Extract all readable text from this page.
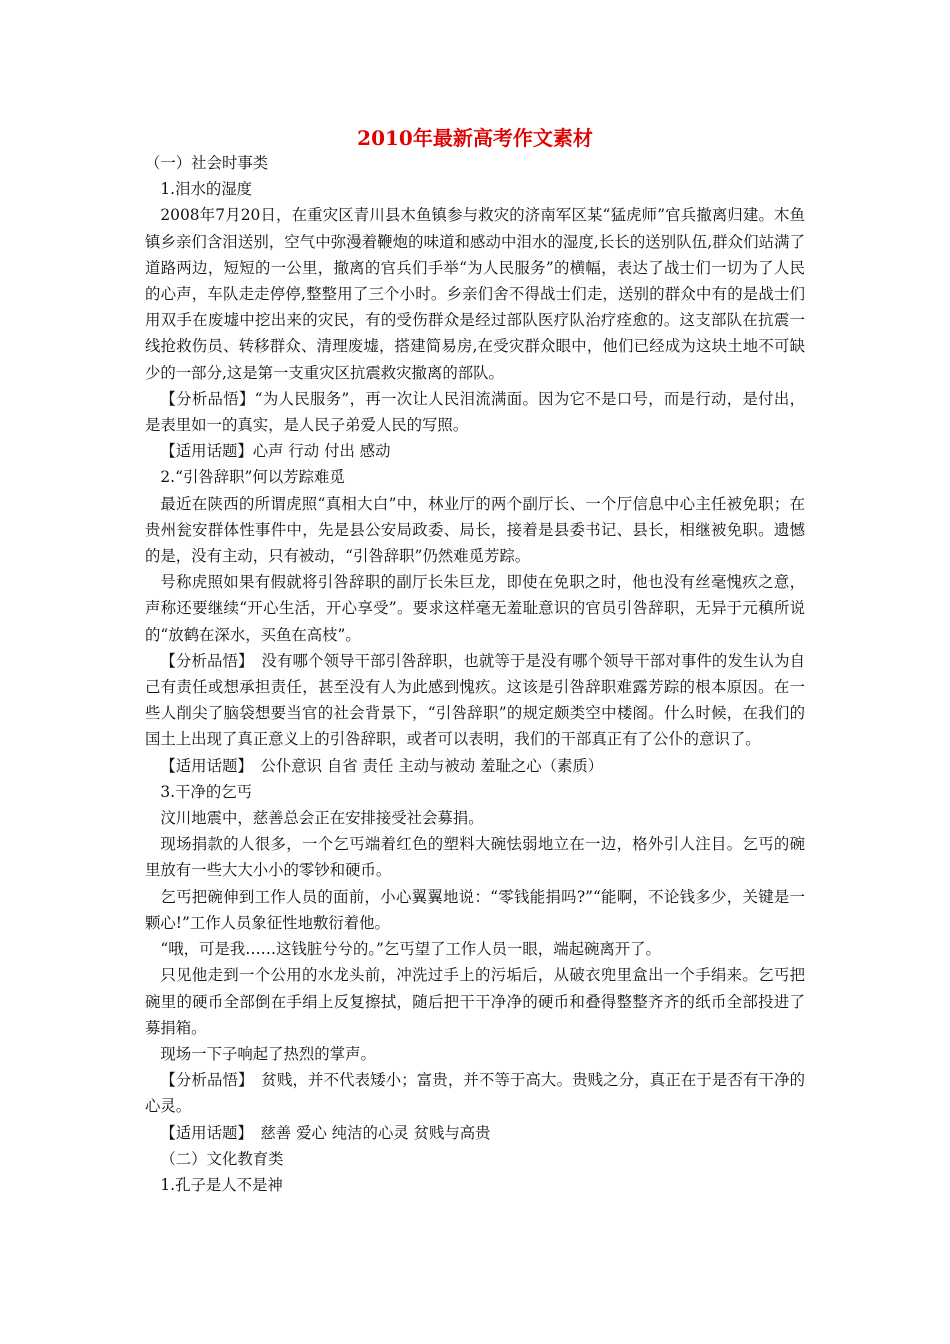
2010年最新高考作文素材

（一）社会时事类

1.泪水的湿度

2008年7月20日，在重灾区青川县木鱼镇参与救灾的济南军区某“猛虎师”官兵撤离归建。木鱼镇乡亲们含泪送别，空气中弥漫着鞭炮的味道和感动中泪水的湿度,长长的送别队伍,群众们站满了道路两边，短短的一公里，撤离的官兵们手举“为人民服务”的横幅，表达了战士们一切为了人民的心声，车队走走停停,整整用了三个小时。乡亲们舍不得战士们走，送别的群众中有的是战士们用双手在废墟中挖出来的灾民，有的受伤群众是经过部队医疗队治疗痊愈的。这支部队在抗震一线抢救伤员、转移群众、清理废墟，搭建简易房,在受灾群众眼中，他们已经成为这块土地不可缺少的一部分,这是第一支重灾区抗震救灾撤离的部队。

【分析品悟】“为人民服务”，再一次让人民泪流满面。因为它不是口号，而是行动，是付出，是表里如一的真实，是人民子弟爱人民的写照。

【适用话题】心声 行动 付出 感动

2.“引咎辞职”何以芳踪难觅

最近在陕西的所谓虎照“真相大白”中，林业厅的两个副厅长、一个厅信息中心主任被免职；在贵州瓮安群体性事件中，先是县公安局政委、局长，接着是县委书记、县长，相继被免职。遗憾的是，没有主动，只有被动，“引咎辞职”仍然难觅芳踪。

号称虎照如果有假就将引咎辞职的副厅长朱巨龙，即使在免职之时，他也没有丝毫愧疚之意，声称还要继续“开心生活，开心享受”。要求这样毫无羞耻意识的官员引咎辞职，无异于元稹所说的“放鹤在深水，买鱼在高枝”。

【分析品悟】　没有哪个领导干部引咎辞职，也就等于是没有哪个领导干部对事件的发生认为自己有责任或想承担责任，甚至没有人为此感到愧疚。这该是引咎辞职难露芳踪的根本原因。在一些人削尖了脑袋想要当官的社会背景下，“引咎辞职”的规定颇类空中楼阁。什么时候，在我们的国土上出现了真正意义上的引咎辞职，或者可以表明，我们的干部真正有了公仆的意识了。

【适用话题】　公仆意识 自省 责任 主动与被动 羞耻之心（素质）

3.干净的乞丐

汶川地震中，慈善总会正在安排接受社会募捐。

现场捐款的人很多，一个乞丐端着红色的塑料大碗怯弱地立在一边，格外引人注目。乞丐的碗里放有一些大大小小的零钞和硬币。

乞丐把碗伸到工作人员的面前，小心翼翼地说：“零钱能捐吗?”“能啊，不论钱多少，关键是一颗心!”工作人员象征性地敷衍着他。

“哦，可是我……这钱脏兮兮的。”乞丐望了工作人员一眼，端起碗离开了。

只见他走到一个公用的水龙头前，冲洗过手上的污垢后，从破衣兜里盒出一个手绢来。乞丐把碗里的硬币全部倒在手绢上反复擦拭，随后把干干净净的硬币和叠得整整齐齐的纸币全部投进了募捐箱。

现场一下子响起了热烈的掌声。

【分析品悟】　贫贱，并不代表矮小；富贵，并不等于高大。贵贱之分，真正在于是否有干净的心灵。

【适用话题】　慈善 爱心 纯洁的心灵 贫贱与高贵

（二）文化教育类

1.孔子是人不是神
